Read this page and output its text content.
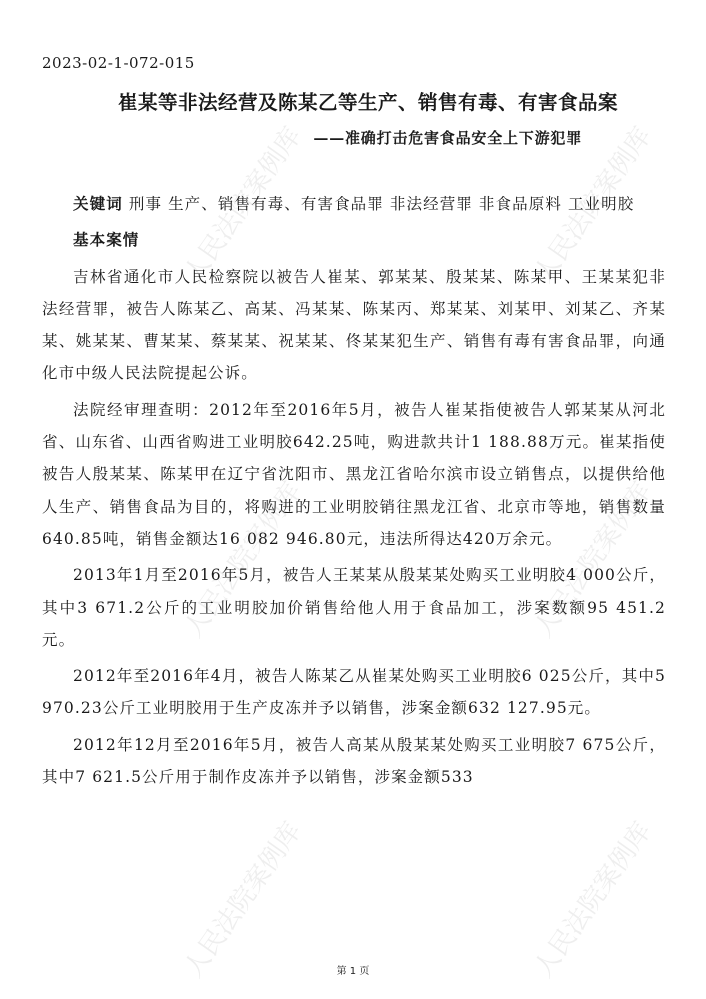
人民法院案例库	人民法院案例库
人民法院案例库	人民法院案例库
人民法院案例库	人民法院案例库
2023-02-1-072-015
崔某等非法经营及陈某乙等生产、销售有毒、有害食品案
——准确打击危害食品安全上下游犯罪

关键词 刑事 生产、销售有毒、有害食品罪 非法经营罪 非食品原料 工业明胶

基本案情

吉林省通化市人民检察院以被告人崔某、郭某某、殷某某、陈某甲、王某某犯非法经营罪，被告人陈某乙、高某、冯某某、陈某丙、郑某某、刘某甲、刘某乙、齐某某、姚某某、曹某某、蔡某某、祝某某、佟某某犯生产、销售有毒有害食品罪，向通化市中级人民法院提起公诉。

法院经审理查明：2012年至2016年5月，被告人崔某指使被告人郭某某从河北省、山东省、山西省购进工业明胶642.25吨，购进款共计1 188.88万元。崔某指使被告人殷某某、陈某甲在辽宁省沈阳市、黑龙江省哈尔滨市设立销售点，以提供给他人生产、销售食品为目的，将购进的工业明胶销往黑龙江省、北京市等地，销售数量640.85吨，销售金额达16 082 946.80元，违法所得达420万余元。

2013年1月至2016年5月，被告人王某某从殷某某处购买工业明胶4 000公斤，其中3 671.2公斤的工业明胶加价销售给他人用于食品加工，涉案数额95 451.2元。

2012年至2016年4月，被告人陈某乙从崔某处购买工业明胶6 025公斤，其中5 970.23公斤工业明胶用于生产皮冻并予以销售，涉案金额632 127.95元。

2012年12月至2016年5月，被告人高某从殷某某处购买工业明胶7 675公斤，其中7 621.5公斤用于制作皮冻并予以销售，涉案金额533

第 1 页
